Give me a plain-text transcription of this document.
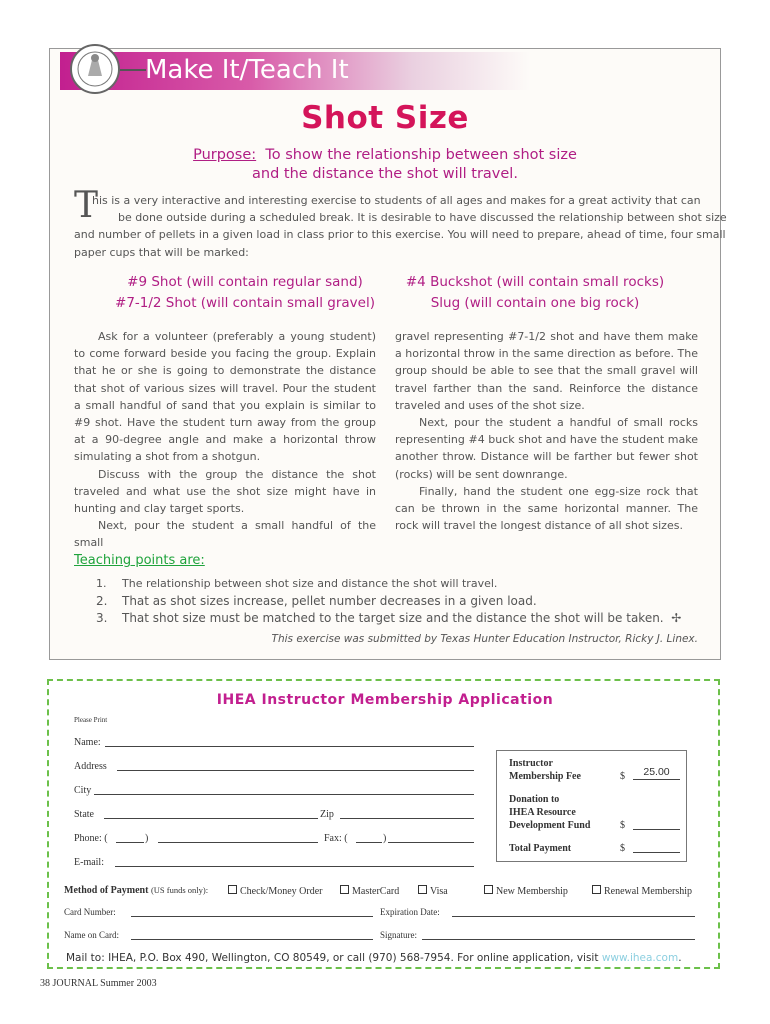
Make It/Teach It
Shot Size
Purpose: To show the relationship between shot size
and the distance the shot will travel.
T
his is a very interactive and interesting exercise to students of all ages and makes for a great activity that can
be done outside during a scheduled break. It is desirable to have discussed the relationship between shot size
and number of pellets in a given load in class prior to this exercise. You will need to prepare, ahead of time, four small
paper cups that will be marked:
#9 Shot (will contain regular sand)
#7-1/2 Shot (will contain small gravel)
#4 Buckshot (will contain small rocks)
Slug (will contain one big rock)

Ask for a volunteer (preferably a young student) to come forward beside you facing the group. Explain that he or she is going to demonstrate the distance that shot of various sizes will travel. Pour the student a small handful of sand that you explain is similar to #9 shot. Have the student turn away from the group at a 90-degree angle and make a horizontal throw simulating a shot from a shotgun.

Discuss with the group the distance the shot traveled and what use the shot size might have in hunting and clay target sports.

Next, pour the student a small handful of the small

gravel representing #7-1/2 shot and have them make a horizontal throw in the same direction as before. The group should be able to see that the small gravel will travel farther than the sand. Reinforce the distance traveled and uses of the shot size.

Next, pour the student a handful of small rocks representing #4 buck shot and have the student make another throw. Distance will be farther but fewer shot (rocks) will be sent downrange.

Finally, hand the student one egg-size rock that can be thrown in the same horizontal manner. The rock will travel the longest distance of all shot sizes.

Teaching points are:
1. The relationship between shot size and distance the shot will travel.
2. That as shot sizes increase, pellet number decreases in a given load.
3. That shot size must be matched to the target size and the distance the shot will be taken. ✢
This exercise was submitted by Texas Hunter Education Instructor, Ricky J. Linex.
IHEA Instructor Membership Application
Please Print
Name:
Address
City
State	Zip
Phone: (	)	Fax: (	)
E-mail:
Instructor
Membership Fee	$	25.00
Donation to
IHEA Resource
Development Fund	$
Total Payment	$
Method of Payment (US funds only):	Check/Money Order	MasterCard	Visa	New Membership	Renewal Membership
Card Number:	Expiration Date:
Name on Card:	Signature:
Mail to: IHEA, P.O. Box 490, Wellington, CO 80549, or call (970) 568-7954. For online application, visit www.ihea.com.
38 JOURNAL Summer 2003
